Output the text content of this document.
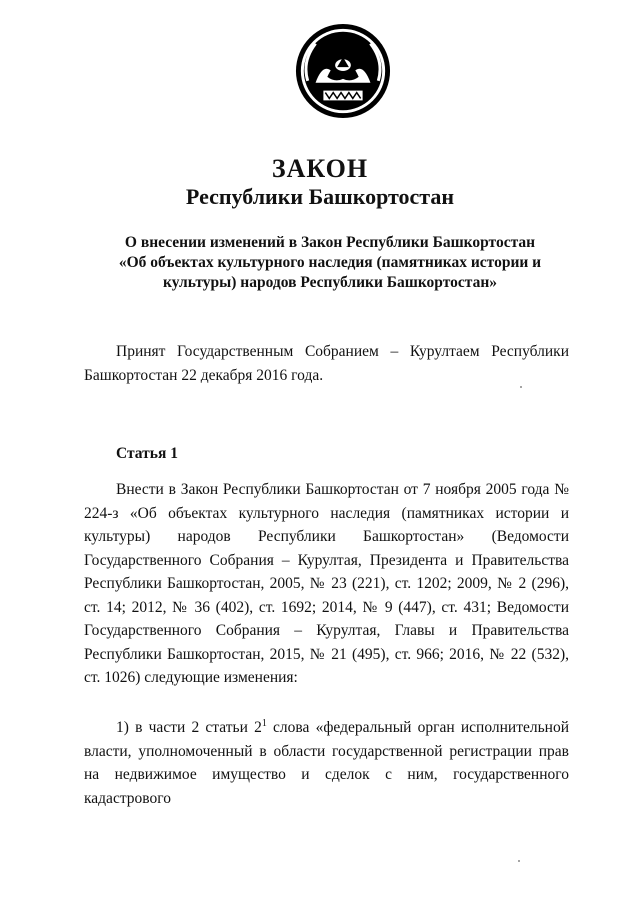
ЗАКОН
Республики Башкортостан
О внесении изменений в Закон Республики Башкортостан
«Об объектах культурного наследия (памятниках истории и
культуры) народов Республики Башкортостан»

Принят Государственным Собранием – Курултаем Республики Башкортостан 22 декабря 2016 года.

Статья 1

Внести в Закон Республики Башкортостан от 7 ноября 2005 года № 224-з «Об объектах культурного наследия (памятниках истории и культуры) народов Республики Башкортостан» (Ведомости Государственного Собрания – Курултая, Президента и Правительства Республики Башкортостан, 2005, № 23 (221), ст. 1202; 2009, № 2 (296), ст. 14; 2012, № 36 (402), ст. 1692; 2014, № 9 (447), ст. 431; Ведомости Государственного Собрания – Курултая, Главы и Правительства Республики Башкортостан, 2015, № 21 (495), ст. 966; 2016, № 22 (532), ст. 1026) следующие изменения:

1) в части 2 статьи $2^1$ слова «федеральный орган исполнительной власти, уполномоченный в области государственной регистрации прав на недвижимое имущество и сделок с ним, государственного кадастрового
